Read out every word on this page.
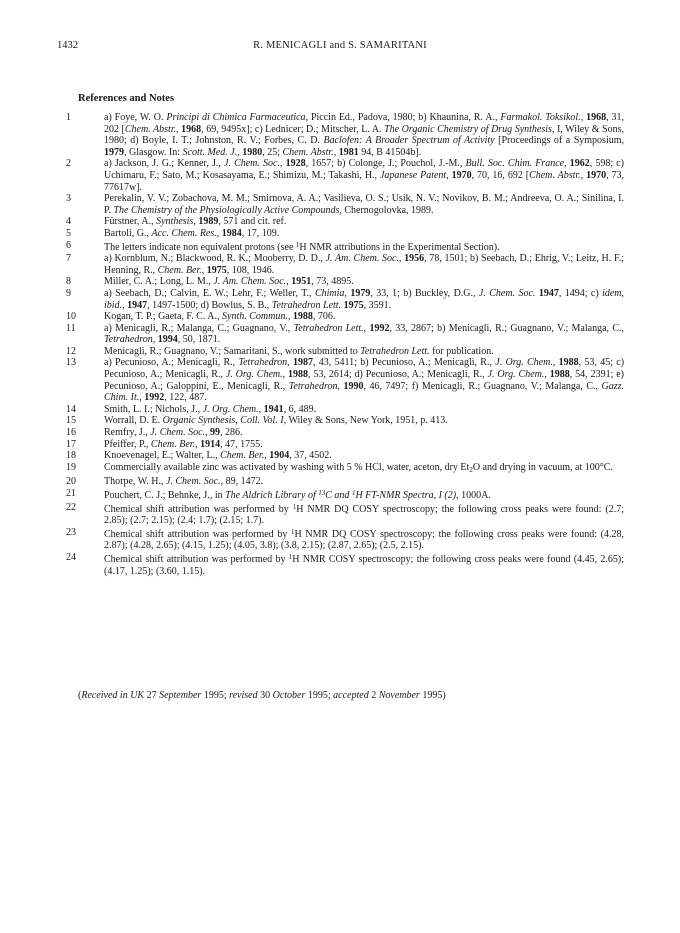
1432	R. MENICAGLI and S. SAMARITANI
References and Notes
1	a) Foye, W. O. Principi di Chimica Farmaceutica, Piccin Ed., Padova, 1980; b) Khaunina, R. A., Farmakol. Toksikol., 1968, 31, 202 [Chem. Abstr., 1968, 69, 9495x]; c) Lednicer; D.; Mitscher, L. A. The Organic Chemistry of Drug Synthesis, I, Wiley & Sons, 1980; d) Boyle, I. T.; Johnston, R. V.; Forbes, C. D. Baclofen: A Broader Spectrum of Activity [Proceedings of a Symposium, 1979, Glasgow. In: Scott. Med. J., 1980, 25; Chem. Abstr., 1981 94, B 41504b].
2	a) Jackson, J. G.; Kenner, J., J. Chem. Soc., 1928, 1657; b) Colonge, J.; Pouchol, J.-M., Bull. Soc. Chim. France, 1962, 598; c) Uchimaru, F.; Sato, M.; Kosasayama, E.; Shimizu, M.; Takashi, H., Japanese Patent, 1970, 70, 16, 692 [Chem. Abstr., 1970, 73, 77617w].
3	Perekalin, V. V.; Zobachova, M. M.; Smirnova, A. A.; Vasilieva, O. S.; Usik, N. V.; Novikov, B. M.; Andreeva, O. A.; Sinilina, I. P. The Chemistry of the Physiologically Active Compounds, Chernogolovka, 1989.
4	Fürstner, A., Synthesis, 1989, 571 and cit. ref.
5	Bartoli, G., Acc. Chem. Res., 1984, 17, 109.
6	The letters indicate non equivalent protons (see $^1$H NMR attributions in the Experimental Section).
7	a) Kornblum, N.; Blackwood, R. K.; Mooberry, D. D., J. Am. Chem. Soc., 1956, 78, 1501; b) Seebach, D.; Ehrig, V.; Leitz, H. F.; Henning, R., Chem. Ber., 1975, 108, 1946.
8	Miller, C. A.; Long, L. M., J. Am. Chem. Soc., 1951, 73, 4895.
9	a) Seebach, D.; Calvin, E. W.; Lehr, F.; Weller, T., Chimia, 1979, 33, 1; b) Buckley, D.G., J. Chem. Soc. 1947, 1494; c) idem, ibid., 1947, 1497-1500; d) Bowlus, S. B., Tetrahedron Lett. 1975, 3591.
10	Kogan, T. P.; Gaeta, F. C. A., Synth. Commun., 1988, 706.
11	a) Menicagli, R.; Malanga, C.; Guagnano, V., Tetrahedron Lett., 1992, 33, 2867; b) Menicagli, R.; Guagnano, V.; Malanga, C., Tetrahedron, 1994, 50, 1871.
12	Menicagli, R.; Guagnano, V.; Samaritani, S., work submitted to Tetrahedron Lett. for publication.
13	a) Pecunioso, A.; Menicagli, R., Tetrahedron, 1987, 43, 5411; b) Pecunioso, A.; Menicagli, R., J. Org. Chem., 1988, 53, 45; c) Pecunioso, A.; Menicagli, R., J. Org. Chem., 1988, 53, 2614; d) Pecunioso, A.; Menicagli, R., J. Org. Chem., 1988, 54, 2391; e) Pecunioso, A.; Galoppini, E., Menicagli, R., Tetrahedron, 1990, 46, 7497; f) Menicagli, R.; Guagnano, V.; Malanga, C., Gazz. Chim. It., 1992, 122, 487.
14	Smith, L. I.; Nichols, J., J. Org. Chem., 1941, 6, 489.
15	Worrall, D. E. Organic Synthesis, Coll. Vol. I, Wiley & Sons, New York, 1951, p. 413.
16	Remfry, J., J. Chem. Soc., 99, 286.
17	Pfeiffer, P., Chem. Ber., 1914, 47, 1755.
18	Knoevenagel, E.; Walter, L., Chem. Ber., 1904, 37, 4502.
19	Commercially available zinc was activated by washing with 5 % HCl, water, aceton, dry $Et_2O$ and drying in vacuum, at 100°C.
20	Thorpe, W. H., J. Chem. Soc., 89, 1472.
21	Pouchert, C. J.; Behnke, J., in The Aldrich Library of $^{13}$C and $^1$H FT-NMR Spectra, I (2), 1000A.
22	Chemical shift attribution was performed by $^1$H NMR DQ COSY spectroscopy; the following cross peaks were found: (2.7; 2.85); (2.7; 2.15); (2.4; 1.7); (2.15; 1.7).
23	Chemical shift attribution was performed by $^1$H NMR DQ COSY spectroscopy; the following cross peaks were found: (4.28, 2.87); (4.28, 2.65); (4.15, 1.25); (4.05, 3.8); (3.8, 2.15); (2.87, 2.65); (2.5, 2.15).
24	Chemical shift attribution was performed by $^1$H NMR COSY spectroscopy; the following cross peaks were found (4.45, 2.65); (4.17, 1.25); (3.60, 1.15).
(Received in UK 27 September 1995; revised 30 October 1995; accepted 2 November 1995)
